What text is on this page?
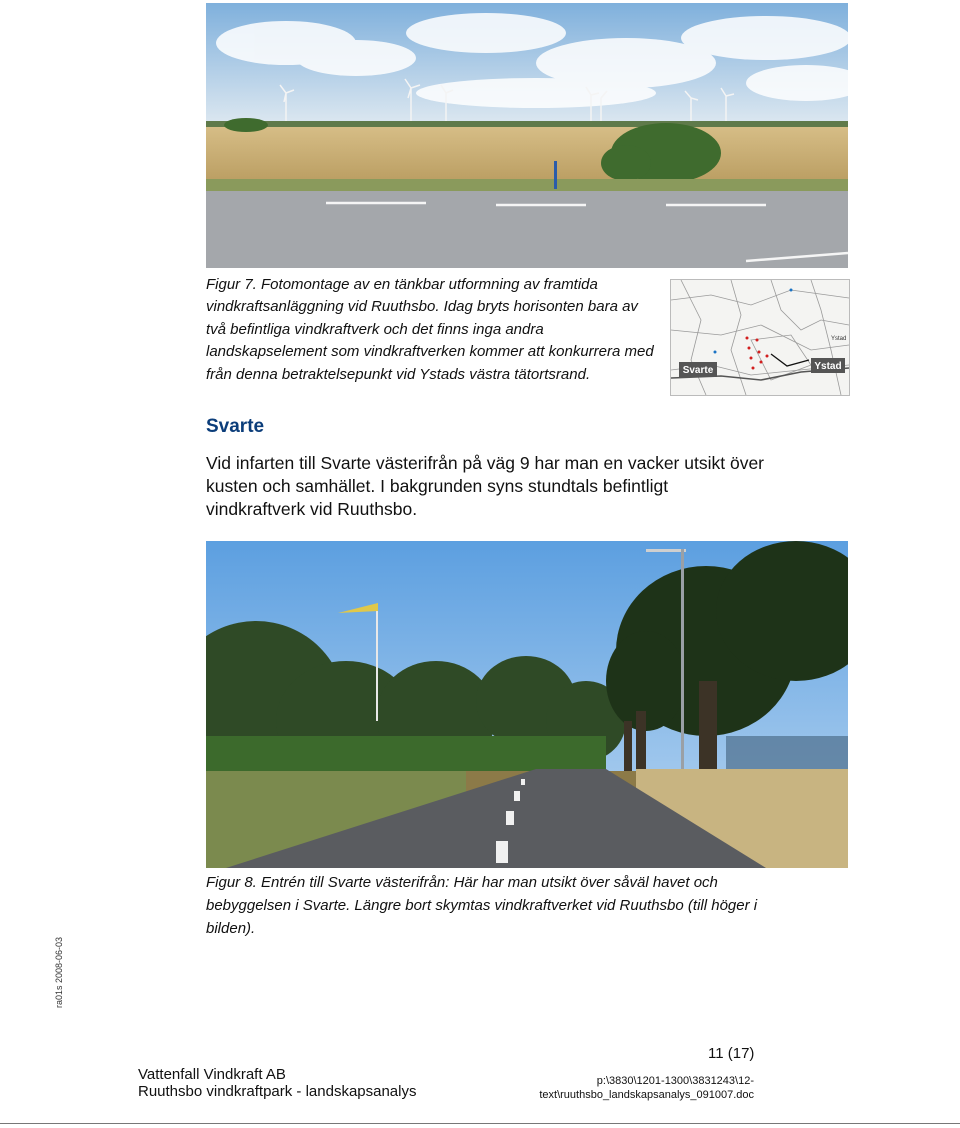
Figur 7. Fotomontage av en tänkbar utformning av framtida vindkraftsanläggning vid Ruuthsbo. Idag bryts horisonten bara av två befintliga vindkraftverk och det finns inga andra landskapselement som vindkraftverken kommer att konkurrera med från denna betraktelsepunkt vid Ystads västra tätortsrand.	Svarte	Ystad
Ystad
Svarte
Vid infarten till Svarte västerifrån på väg 9 har man en vacker utsikt över kusten och samhället. I bakgrunden syns stundtals befintligt vindkraftverk vid Ruuthsbo.
Figur 8. Entrén till Svarte västerifrån: Här har man utsikt över såväl havet och bebyggelsen i Svarte. Längre bort skymtas vindkraftverket vid Ruuthsbo (till höger i bilden).
ra01s 2008-06-03
11 (17)
Vattenfall Vindkraft AB
Ruuthsbo vindkraftpark - landskapsanalys
p:\3830\1201-1300\3831243\12-
text\ruuthsbo_landskapsanalys_091007.doc
